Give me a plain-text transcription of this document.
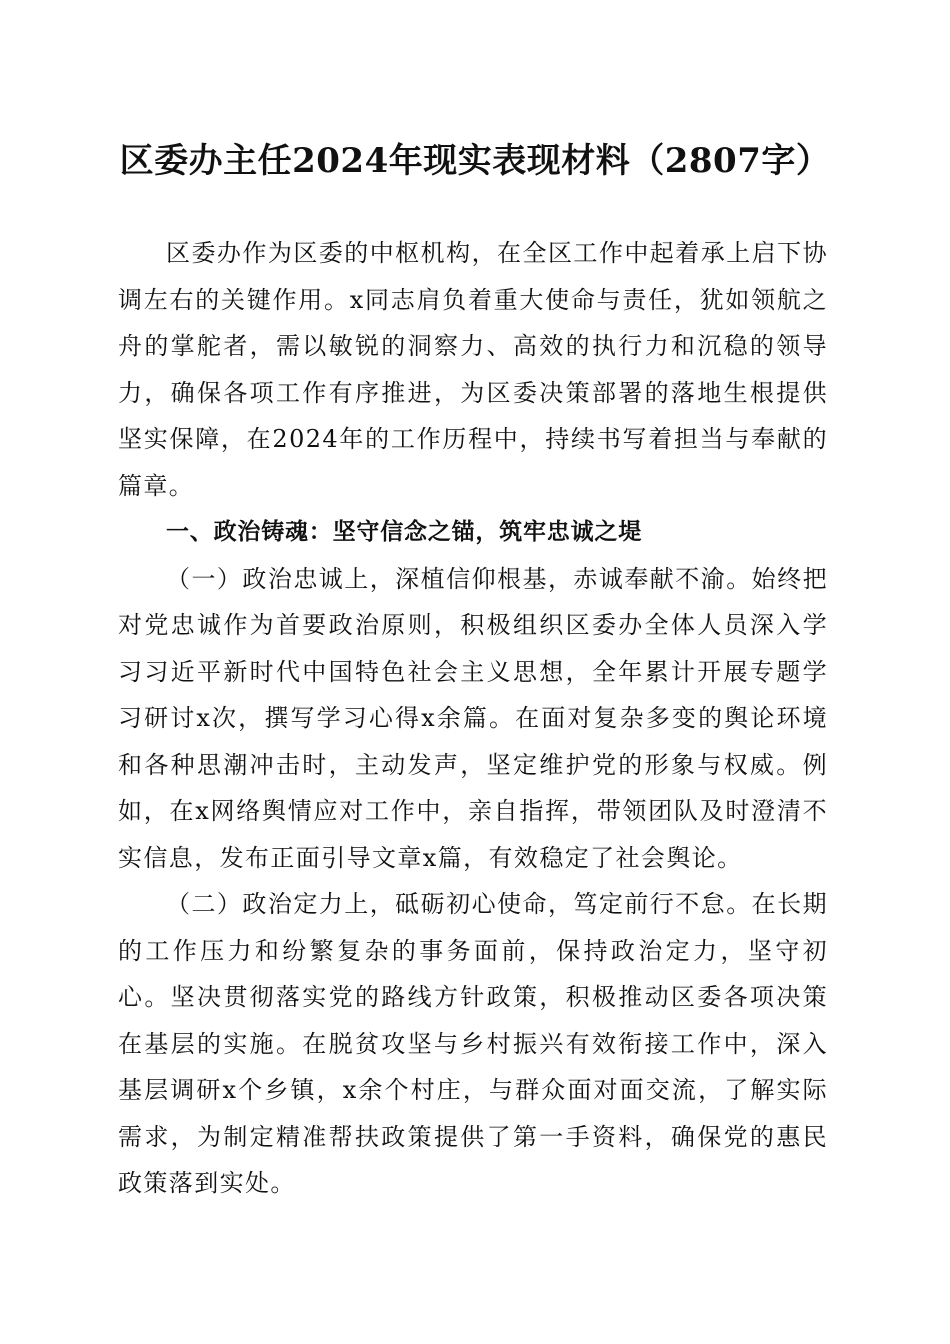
区委办主任2024年现实表现材料（2807字）

区委办作为区委的中枢机构，在全区工作中起着承上启下协调左右的关键作用。x同志肩负着重大使命与责任，犹如领航之舟的掌舵者，需以敏锐的洞察力、高效的执行力和沉稳的领导力，确保各项工作有序推进，为区委决策部署的落地生根提供坚实保障，在2024年的工作历程中，持续书写着担当与奉献的篇章。

一、政治铸魂：坚守信念之锚，筑牢忠诚之堤

（一）政治忠诚上，深植信仰根基，赤诚奉献不渝。始终把对党忠诚作为首要政治原则，积极组织区委办全体人员深入学习习近平新时代中国特色社会主义思想，全年累计开展专题学习研讨x次，撰写学习心得x余篇。在面对复杂多变的舆论环境和各种思潮冲击时，主动发声，坚定维护党的形象与权威。例如，在x网络舆情应对工作中，亲自指挥，带领团队及时澄清不实信息，发布正面引导文章x篇，有效稳定了社会舆论。

（二）政治定力上，砥砺初心使命，笃定前行不怠。在长期的工作压力和纷繁复杂的事务面前，保持政治定力，坚守初心。坚决贯彻落实党的路线方针政策，积极推动区委各项决策在基层的实施。在脱贫攻坚与乡村振兴有效衔接工作中，深入基层调研x个乡镇，x余个村庄，与群众面对面交流，了解实际需求，为制定精准帮扶政策提供了第一手资料，确保党的惠民政策落到实处。
